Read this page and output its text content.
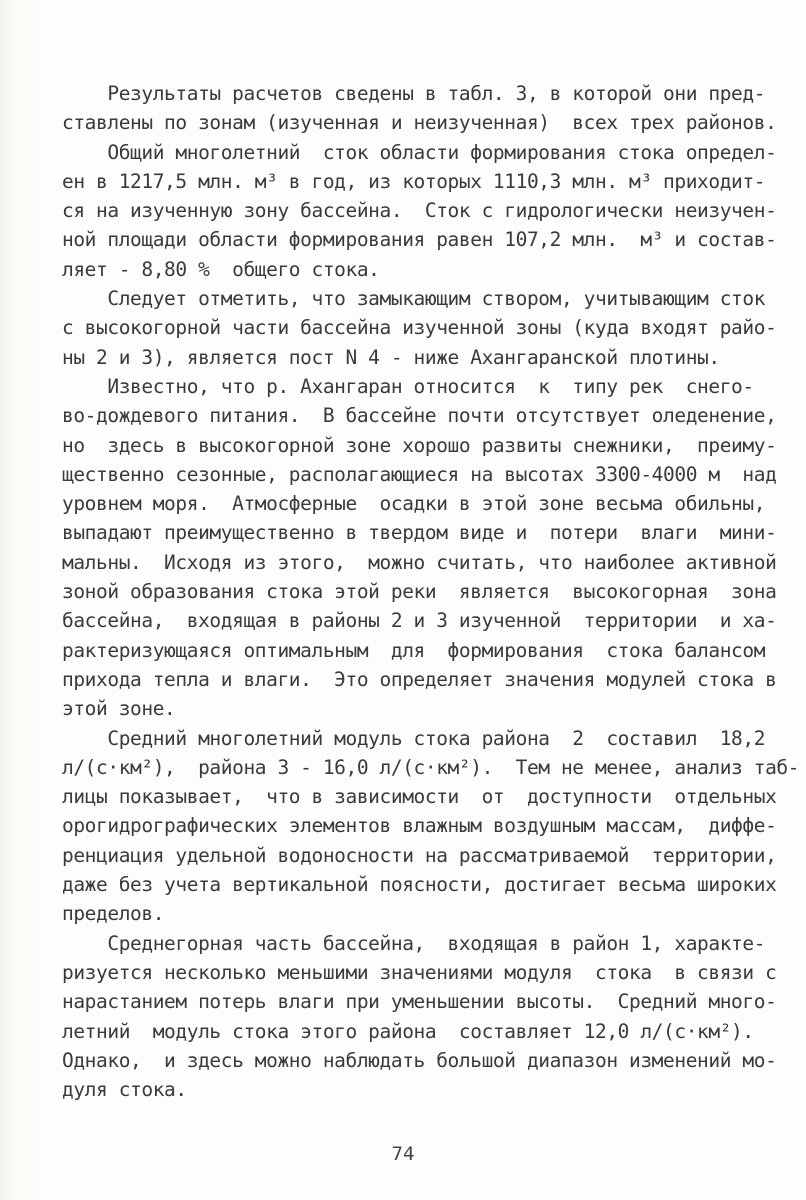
Результаты расчетов сведены в табл. 3, в которой они пред-
ставлены по зонам (изученная и неизученная)  всех трех районов.
Общий многолетний  сток области формирования стока определ-
ен в 1217,5 млн. м³ в год, из которых 1110,3 млн. м³ приходит-
ся на изученную зону бассейна.  Сток с гидрологически неизучен-
ной площади области формирования равен 107,2 млн.  м³ и состав-
ляет - 8,80 %  общего стока.
Следует отметить, что замыкающим створом, учитывающим сток
с высокогорной части бассейна изученной зоны (куда входят райо-
ны 2 и 3), является пост N 4 - ниже Ахангаранской плотины.
Известно, что р. Ахангаран относится  к  типу рек  снего-
во-дождевого питания.  В бассейне почти отсутствует оледенение,
но  здесь в высокогорной зоне хорошо развиты снежники,  преиму-
щественно сезонные, располагающиеся на высотах 3300-4000 м  над
уровнем моря.  Атмосферные  осадки в этой зоне весьма обильны,
выпадают преимущественно в твердом виде и  потери  влаги  мини-
мальны.  Исходя из этого,  можно считать, что наиболее активной
зоной образования стока этой реки  является  высокогорная  зона
бассейна,  входящая в районы 2 и 3 изученной  территории  и ха-
рактеризующаяся оптимальным  для  формирования  стока балансом
прихода тепла и влаги.  Это определяет значения модулей стока в
этой зоне.
Средний многолетний модуль стока района  2  составил  18,2
л/(с·км²),  района 3 - 16,0 л/(с·км²).  Тем не менее, анализ таб-
лицы показывает,  что в зависимости  от  доступности  отдельных
орогидрографических элементов влажным воздушным массам,  диффе-
ренциация удельной водоносности на рассматриваемой  территории,
даже без учета вертикальной поясности, достигает весьма широких
пределов.
Среднегорная часть бассейна,  входящая в район 1, характе-
ризуется несколько меньшими значениями модуля  стока  в связи с
нарастанием потерь влаги при уменьшении высоты.  Средний много-
летний  модуль стока этого района  составляет 12,0 л/(с·км²).
Однако,  и здесь можно наблюдать большой диапазон изменений мо-
дуля стока.
74
